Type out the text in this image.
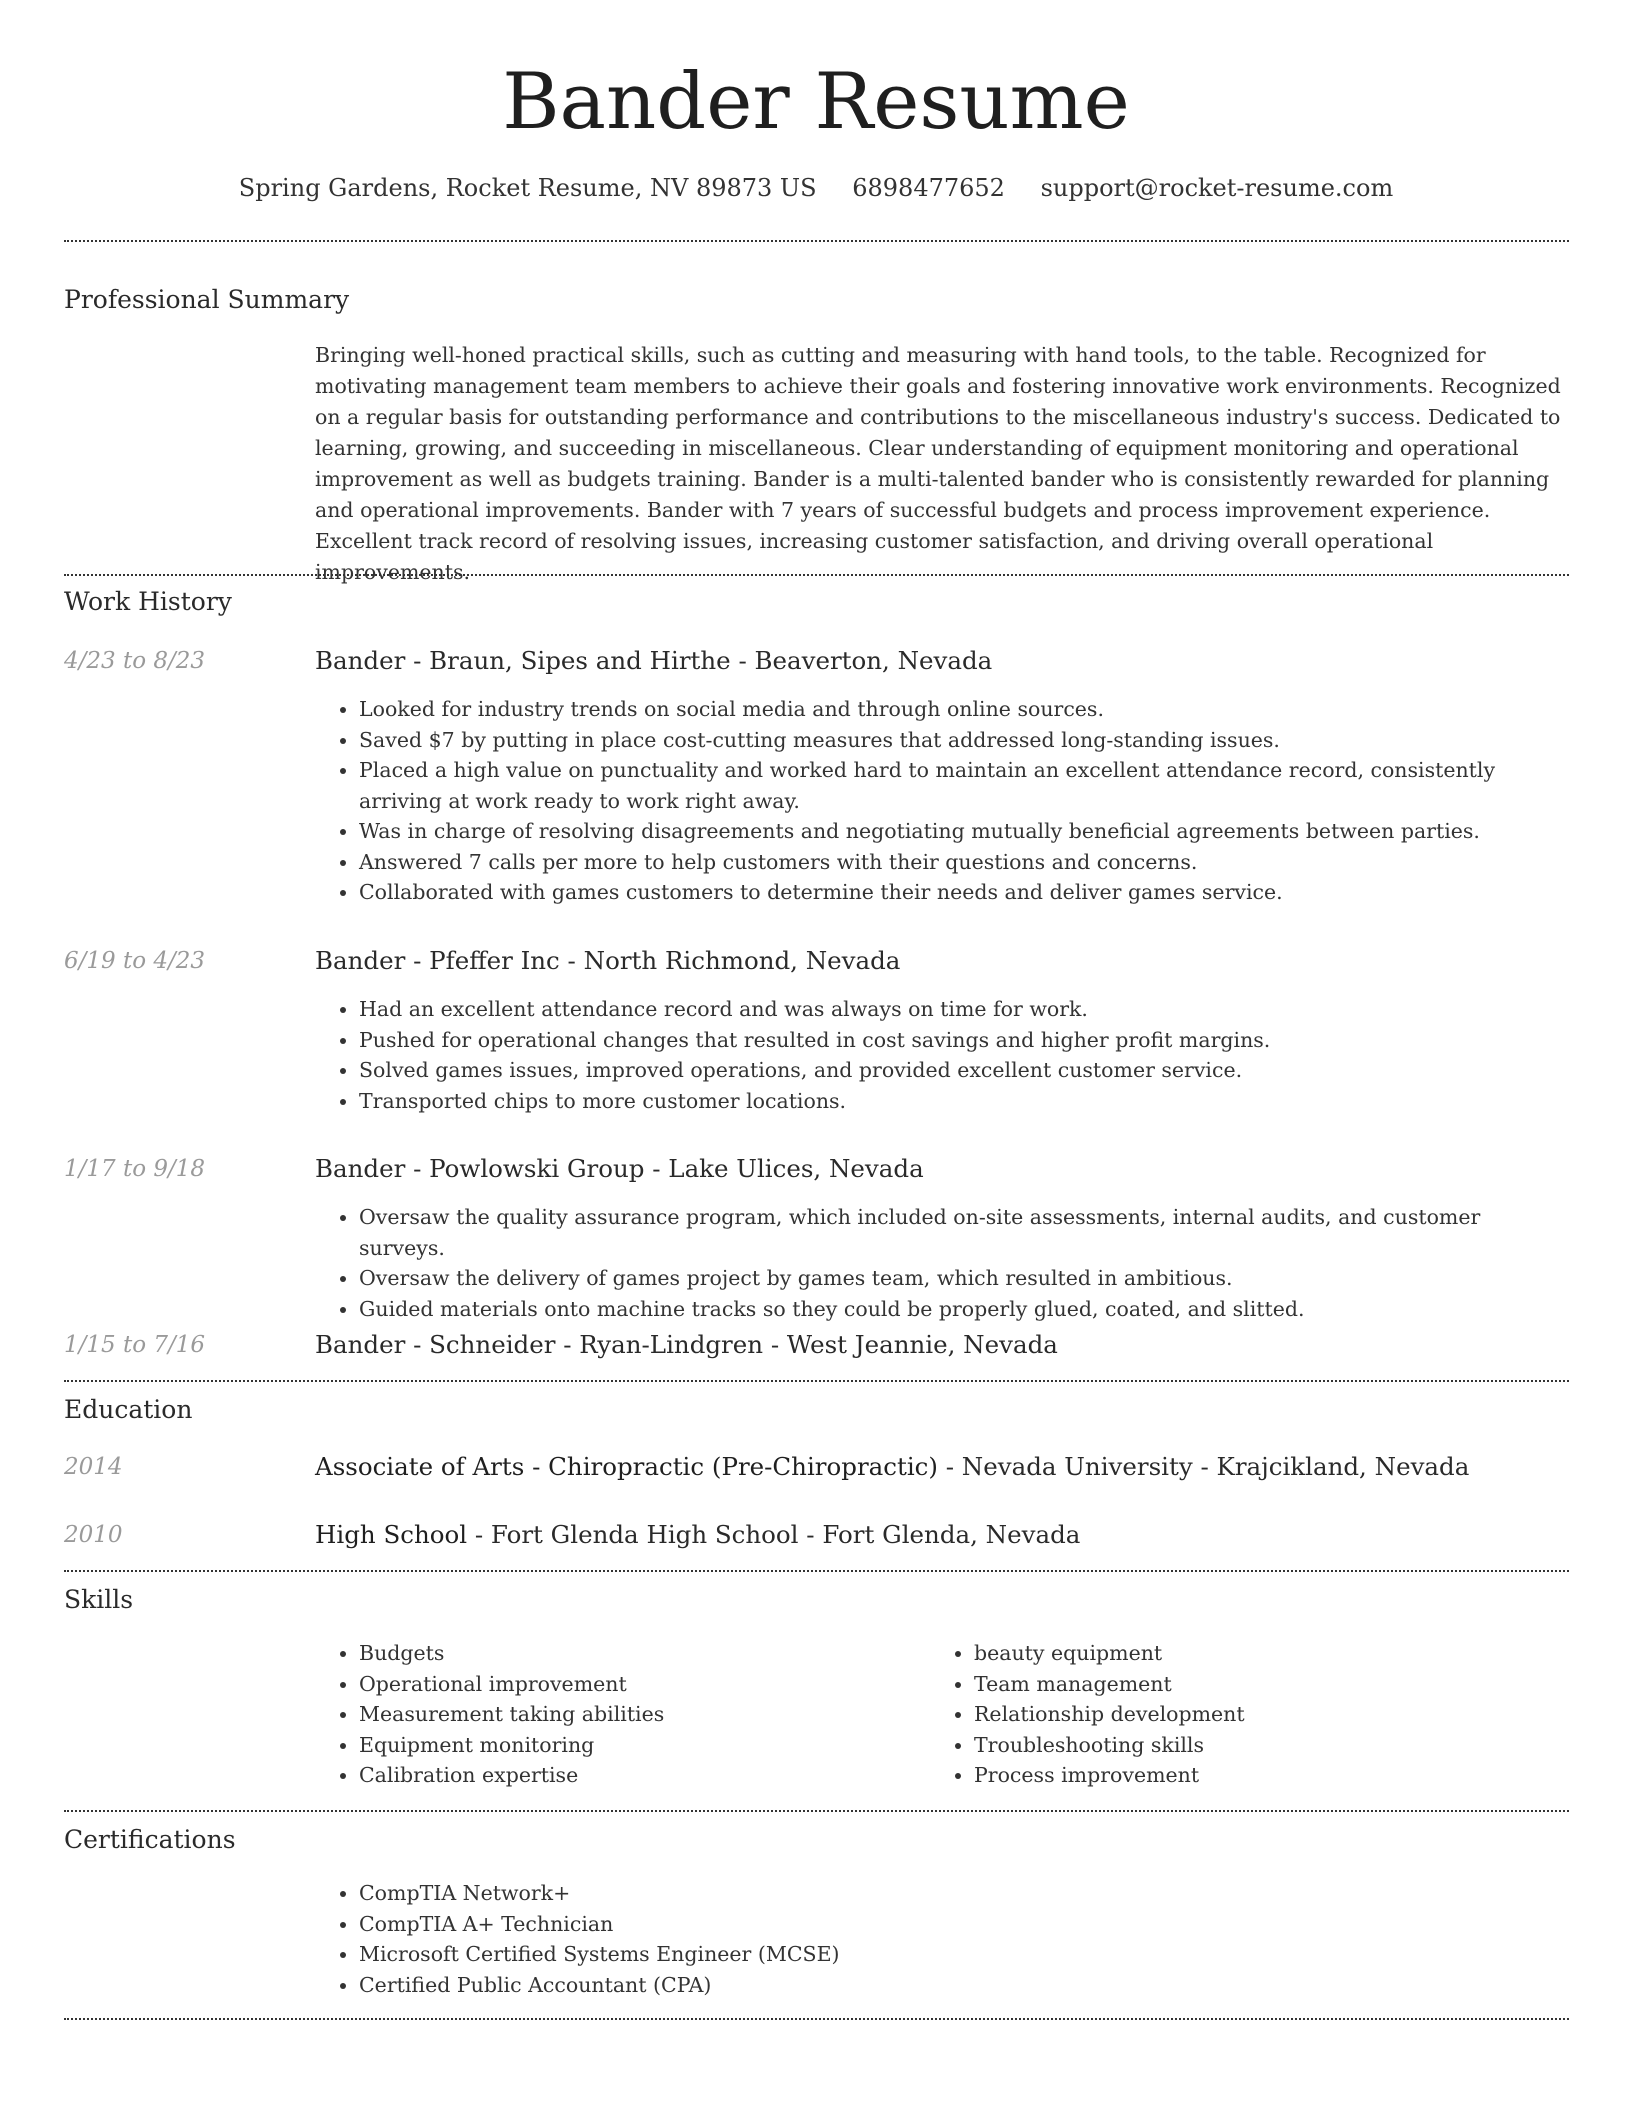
Bander Resume
Spring Gardens, Rocket Resume, NV 89873 US 6898477652 support@rocket-resume.com
Professional Summary

Bringing well-honed practical skills, such as cutting and measuring with hand tools, to the table. Recognized for motivating management team members to achieve their goals and fostering innovative work environments. Recognized on a regular basis for outstanding performance and contributions to the miscellaneous industry's success. Dedicated to learning, growing, and succeeding in miscellaneous. Clear understanding of equipment monitoring and operational improvement as well as budgets training. Bander is a multi-talented bander who is consistently rewarded for planning and operational improvements. Bander with 7 years of successful budgets and process improvement experience. Excellent track record of resolving issues, increasing customer satisfaction, and driving overall operational improvements.

Work History
4/23 to 8/23	Bander - Braun, Sipes and Hirthe - Beaverton, Nevada
• Looked for industry trends on social media and through online sources.
• Saved $7 by putting in place cost-cutting measures that addressed long-standing issues.
• Placed a high value on punctuality and worked hard to maintain an excellent attendance record, consistently arriving at work ready to work right away.
• Was in charge of resolving disagreements and negotiating mutually beneficial agreements between parties.
• Answered 7 calls per more to help customers with their questions and concerns.
• Collaborated with games customers to determine their needs and deliver games service.
6/19 to 4/23	Bander - Pfeffer Inc - North Richmond, Nevada
• Had an excellent attendance record and was always on time for work.
• Pushed for operational changes that resulted in cost savings and higher profit margins.
• Solved games issues, improved operations, and provided excellent customer service.
• Transported chips to more customer locations.
1/17 to 9/18	Bander - Powlowski Group - Lake Ulices, Nevada
• Oversaw the quality assurance program, which included on-site assessments, internal audits, and customer surveys.
• Oversaw the delivery of games project by games team, which resulted in ambitious.
• Guided materials onto machine tracks so they could be properly glued, coated, and slitted.
1/15 to 7/16	Bander - Schneider - Ryan-Lindgren - West Jeannie, Nevada
Education
2014	Associate of Arts - Chiropractic (Pre-Chiropractic) - Nevada University - Krajcikland, Nevada
2010	High School - Fort Glenda High School - Fort Glenda, Nevada
Skills
• Budgets
• Operational improvement
• Measurement taking abilities
• Equipment monitoring
• Calibration expertise
• beauty equipment
• Team management
• Relationship development
• Troubleshooting skills
• Process improvement
Certifications
• CompTIA Network+
• CompTIA A+ Technician
• Microsoft Certified Systems Engineer (MCSE)
• Certified Public Accountant (CPA)
